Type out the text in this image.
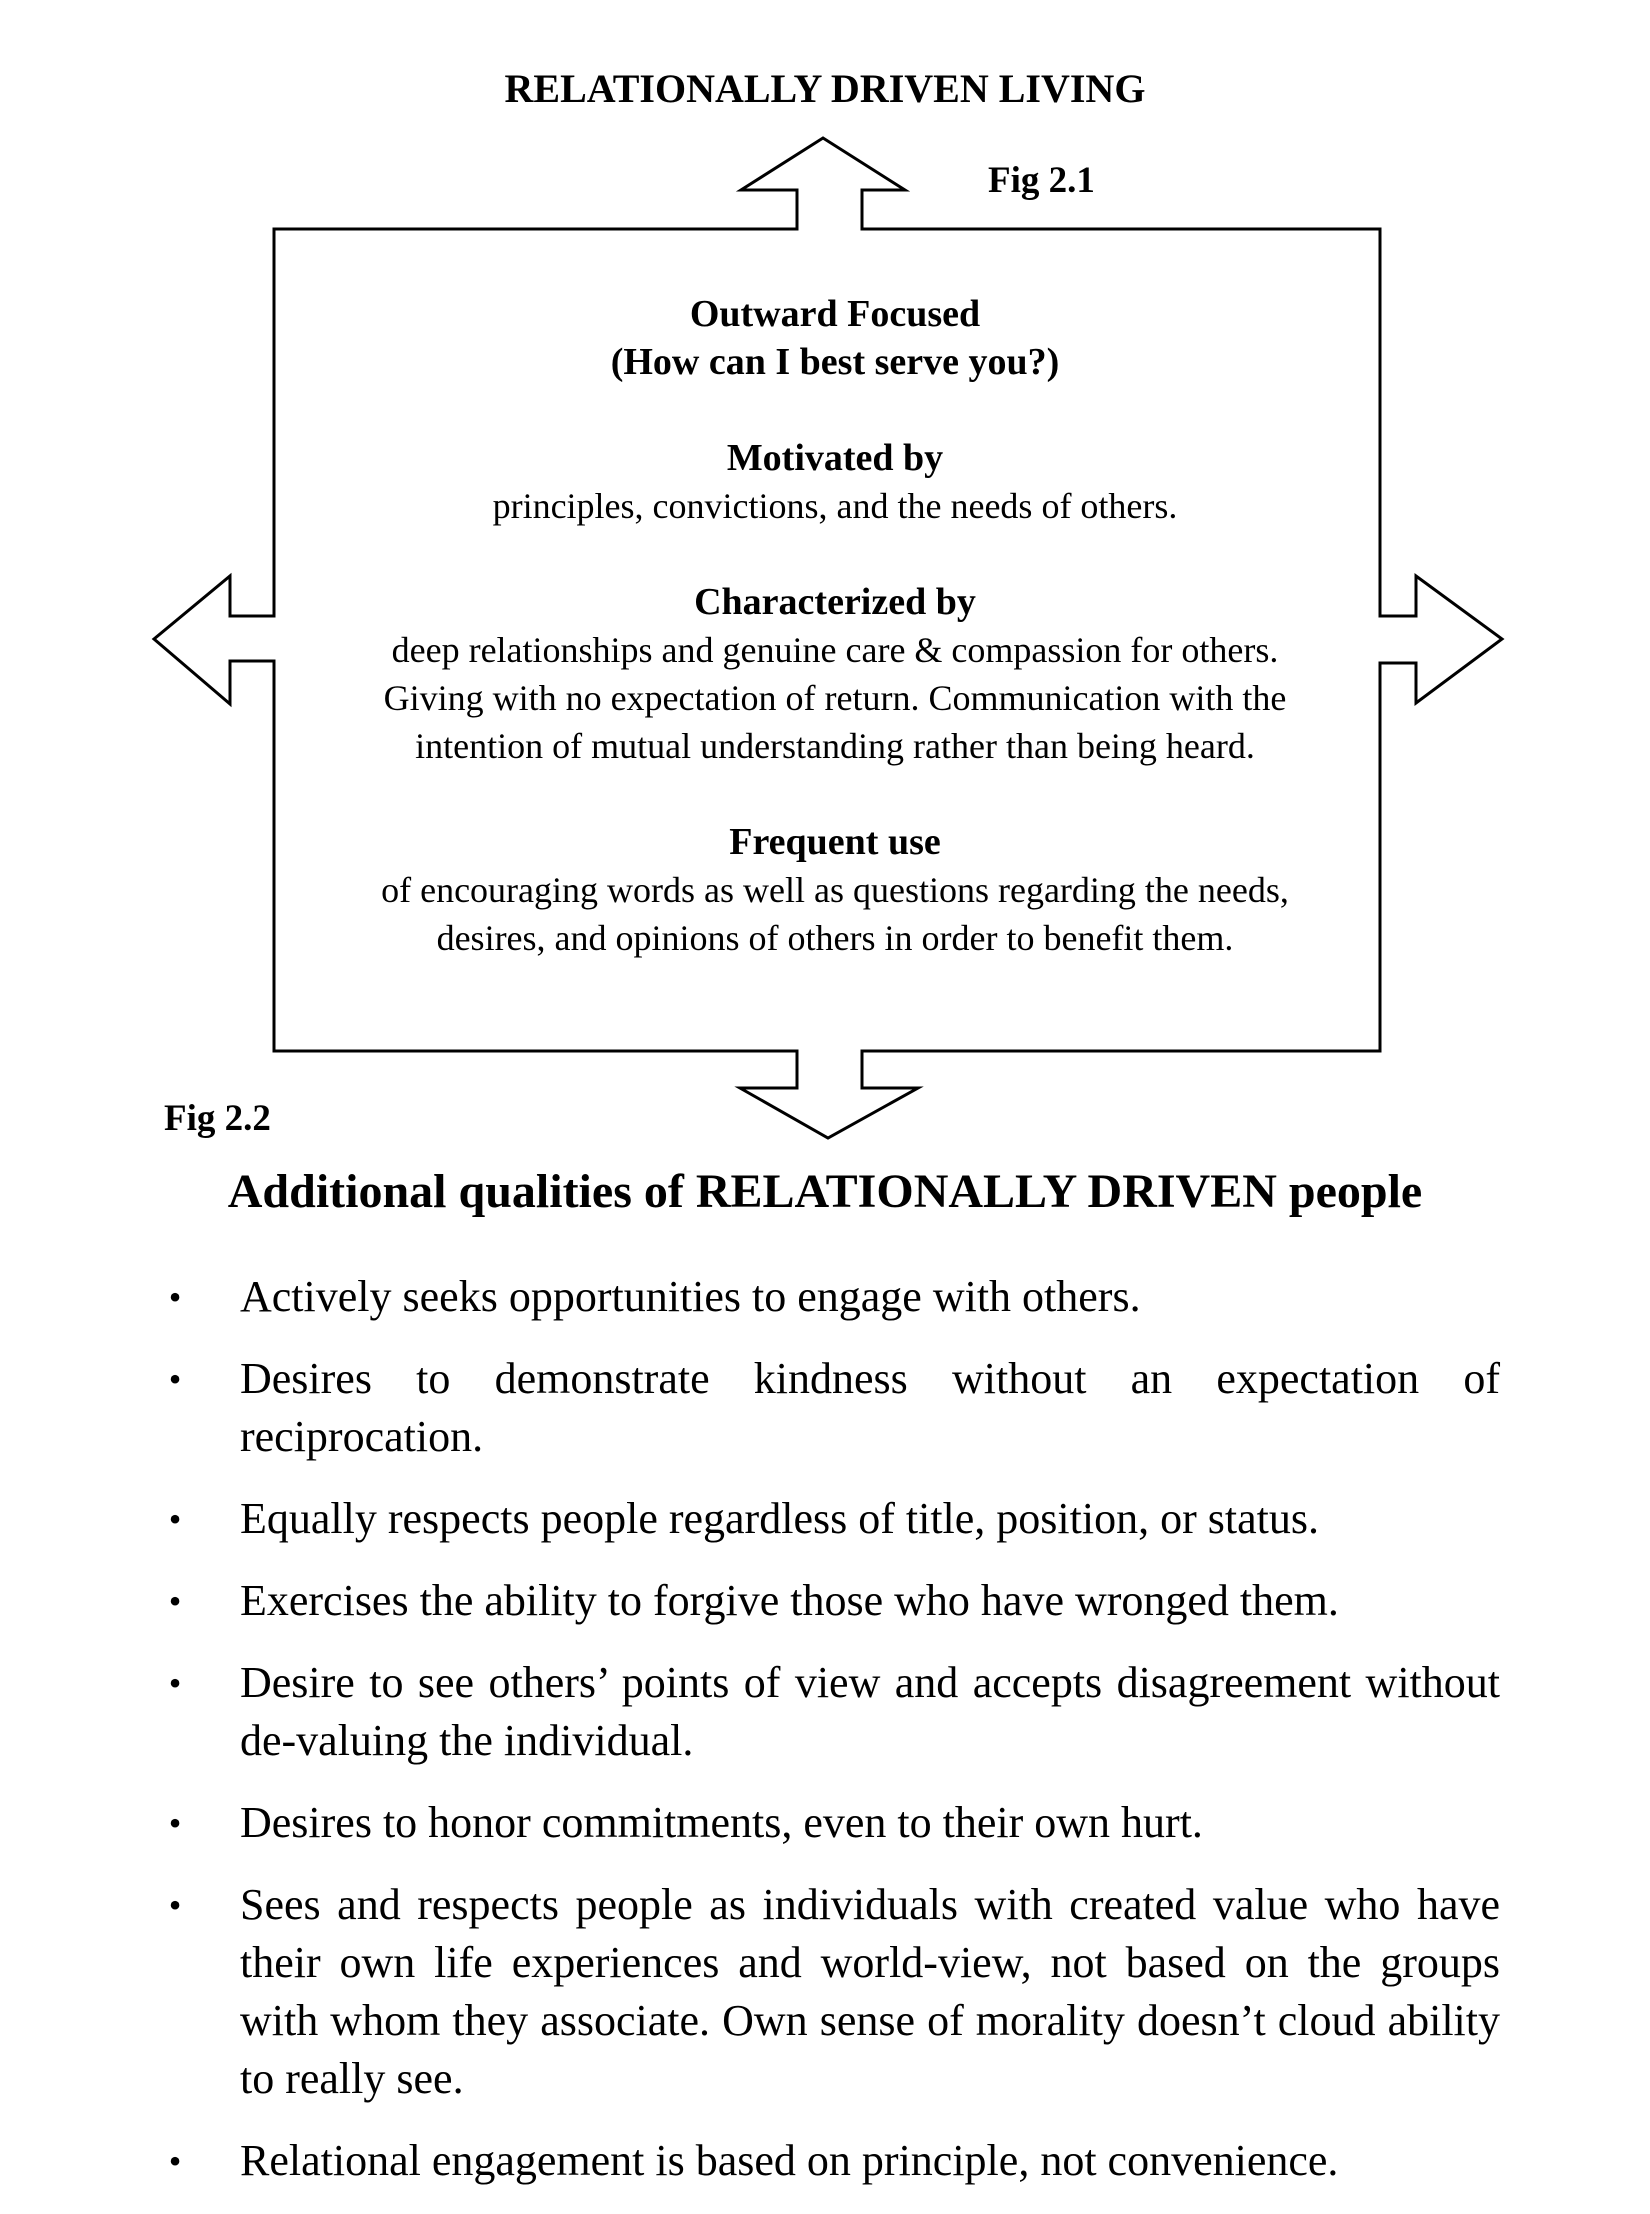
RELATIONALLY DRIVEN LIVING
Fig 2.1
Outward Focused
(How can I best serve you?)
Motivated by
principles, convictions, and the needs of others.
Characterized by
deep relationships and genuine care & compassion for others.
Giving with no expectation of return. Communication with the
intention of mutual understanding rather than being heard.
Frequent use
of encouraging words as well as questions regarding the needs,
desires, and opinions of others in order to benefit them.
Fig 2.2
Additional qualities of RELATIONALLY DRIVEN people
• Actively seeks opportunities to engage with others.
• Desires to demonstrate kindness without an expectation of reciprocation.
• Equally respects people regardless of title, position, or status.
• Exercises the ability to forgive those who have wronged them.
• Desire to see others’ points of view and accepts disagreement without de-valuing the individual.
• Desires to honor commitments, even to their own hurt.
• Sees and respects people as individuals with created value who have their own life experiences and world-view, not based on the groups with whom they associate. Own sense of morality doesn’t cloud ability to really see.
• Relational engagement is based on principle, not convenience.
